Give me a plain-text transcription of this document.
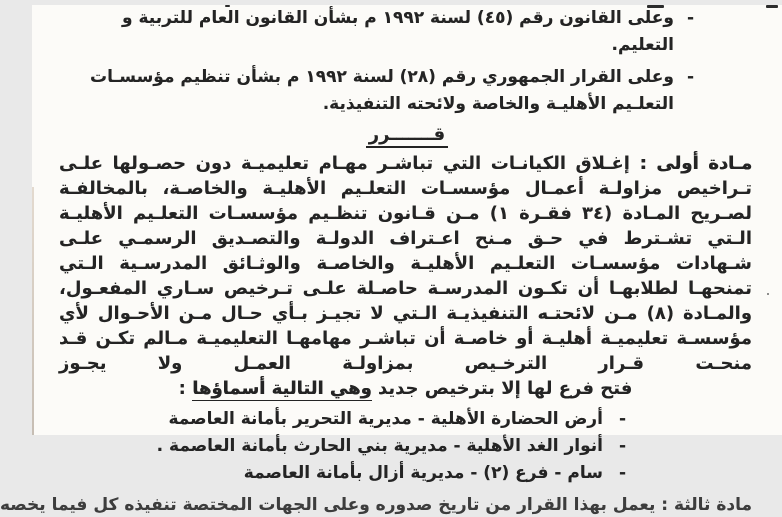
-
وعلى القانون رقم (٤٥) لسنة ١٩٩٢ م بشأن القانون العام للتربية و التعليم.
-
وعلى القرار الجمهوري رقم (٢٨) لسنة ١٩٩٢ م بشأن تنظيم مؤسسـات التعلـيم الأهليـة والخاصة ولائحته التنفيذية.
قـــــــرر
مـادة أولى : إغـلاق الكيانـات التي تباشـر مهـام تعليميـة دون حصـولها علـى تـراخيص مزاولـة أعمـال مؤسسـات التعلـيم الأهليـة والخاصـة، بالمخالفـة لصـريح المـادة (٣٤ فقـرة ١) مـن قـانون تنظـيم مؤسسـات التعلـيم الأهليـة الـتي تشـترط في حـق مـنح اعـتراف الدولـة والتصـديق الرسمـي علـى شـهادات مؤسسـات التعلـيم الأهليـة والخاصـة والوثـائق المدرسـية الـتي تمنحهـا لطلابهـا أن تكـون المدرسـة حاصـلة علـى تـرخيص سـاري المفعـول، والمـادة (٨) مـن لائحتـه التنفيذيـة الـتي لا تجيـز بـأي حـال مـن الأحـوال لأي مؤسسـة تعليميـة أهليـة أو خاصـة أن تباشـر مهامهـا التعليميـة مـالم تكـن قـد منحـت قـرار الترخـيص بمزاولـة العمـل ولا يجـوز
فتح فرع لها إلا بترخيص جديد وهي التالية أسماؤها :
-
أرض الحضارة الأهلية - مديرية التحرير بأمانة العاصمة
-
أنوار الغد الأهلية - مديرية بني الحارث بأمانة العاصمة .
-
سام - فرع (٢) - مديرية أزال بأمانة العاصمة
مادة ثالثة : يعمل بهذا القرار من تاريخ صدوره وعلى الجهات المختصة تنفيذه كل فيما يخصه
